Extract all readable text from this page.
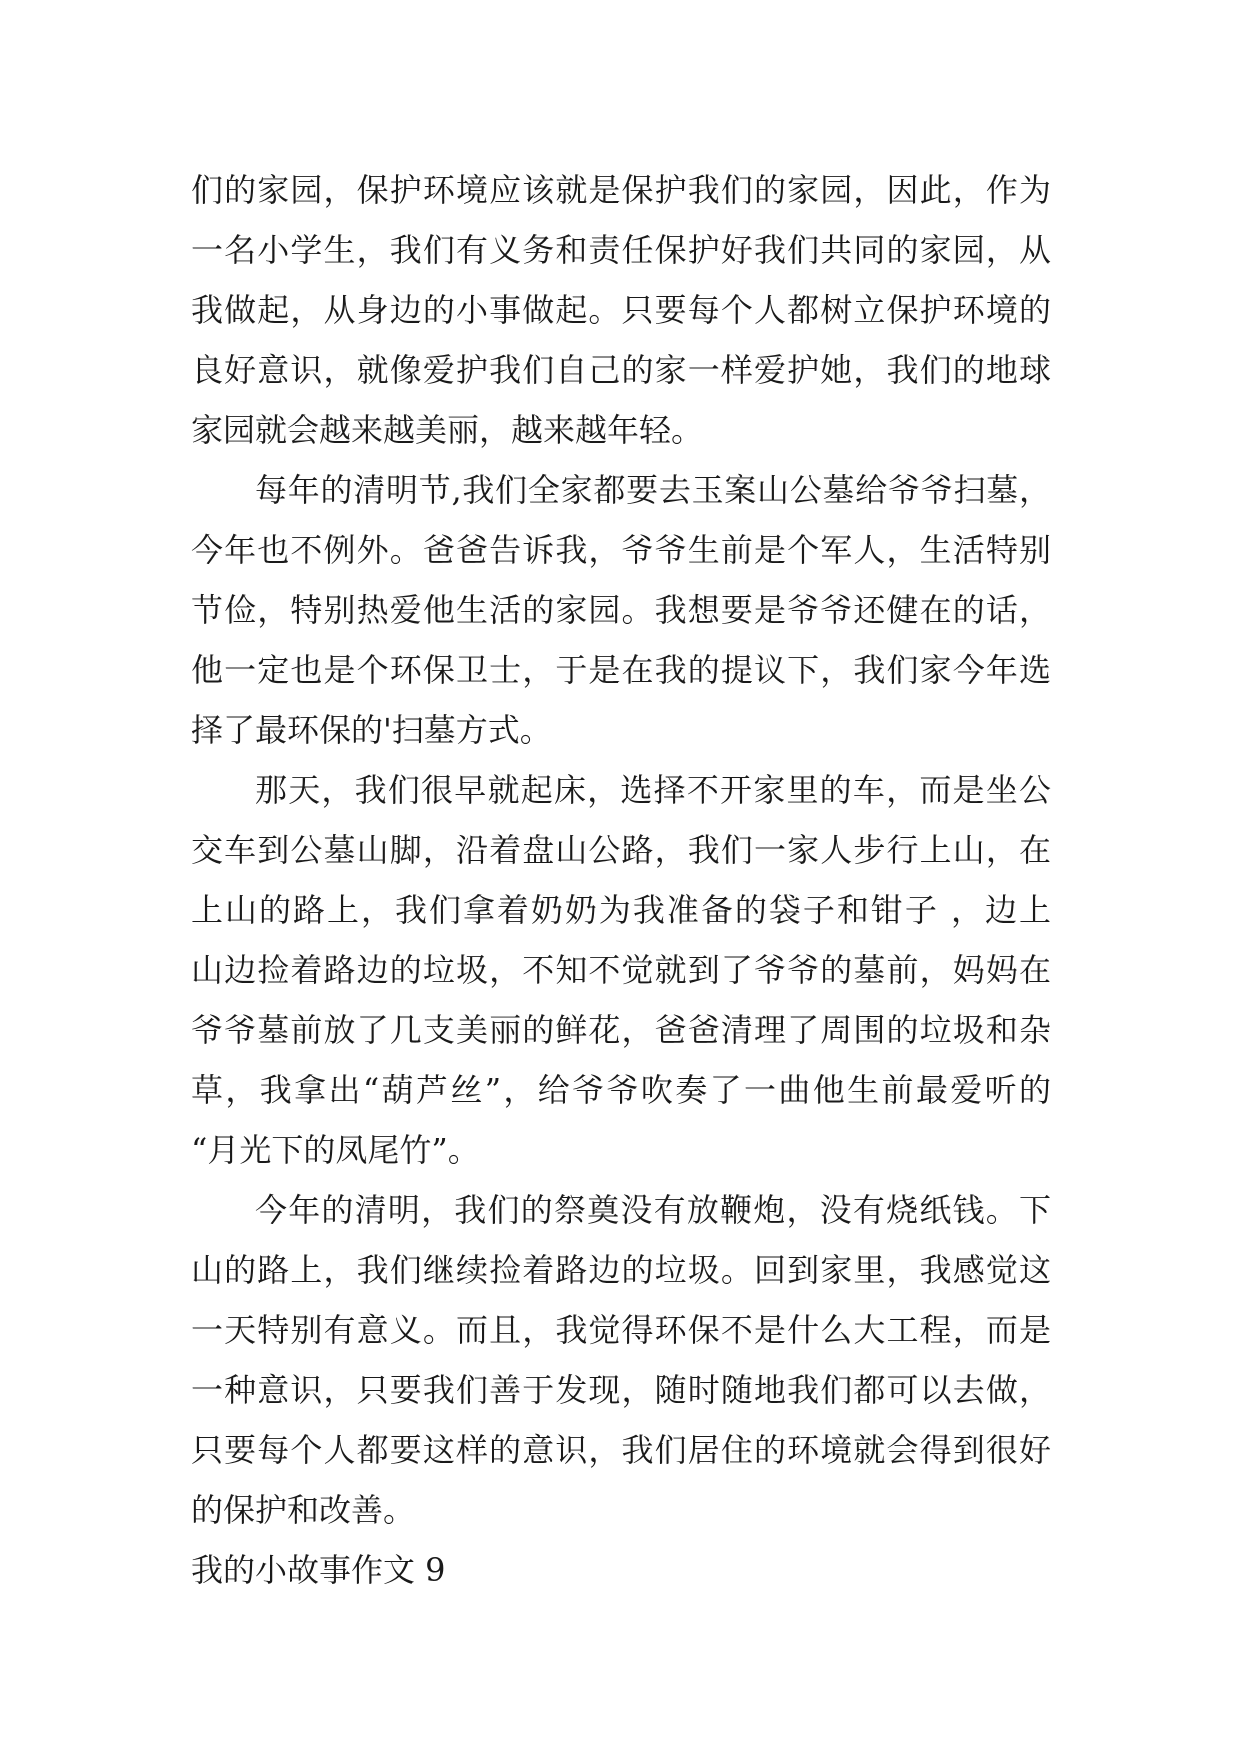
们的家园，保护环境应该就是保护我们的家园，因此，作为
一名小学生，我们有义务和责任保护好我们共同的家园，从
我做起，从身边的小事做起。只要每个人都树立保护环境的
良好意识，就像爱护我们自己的家一样爱护她，我们的地球
家园就会越来越美丽，越来越年轻。
每年的清明节,我们全家都要去玉案山公墓给爷爷扫墓，
今年也不例外。爸爸告诉我，爷爷生前是个军人，生活特别
节俭，特别热爱他生活的家园。我想要是爷爷还健在的话，
他一定也是个环保卫士，于是在我的提议下，我们家今年选
择了最环保的'扫墓方式。
那天，我们很早就起床，选择不开家里的车，而是坐公
交车到公墓山脚，沿着盘山公路，我们一家人步行上山，在
上山的路上，我们拿着奶奶为我准备的袋子和钳子 ，边上
山边捡着路边的垃圾，不知不觉就到了爷爷的墓前，妈妈在
爷爷墓前放了几支美丽的鲜花，爸爸清理了周围的垃圾和杂
草，我拿出“葫芦丝”，给爷爷吹奏了一曲他生前最爱听的
“月光下的凤尾竹”。
今年的清明，我们的祭奠没有放鞭炮，没有烧纸钱。下
山的路上，我们继续捡着路边的垃圾。回到家里，我感觉这
一天特别有意义。而且，我觉得环保不是什么大工程，而是
一种意识，只要我们善于发现，随时随地我们都可以去做，
只要每个人都要这样的意识，我们居住的环境就会得到很好
的保护和改善。
我的小故事作文 9
